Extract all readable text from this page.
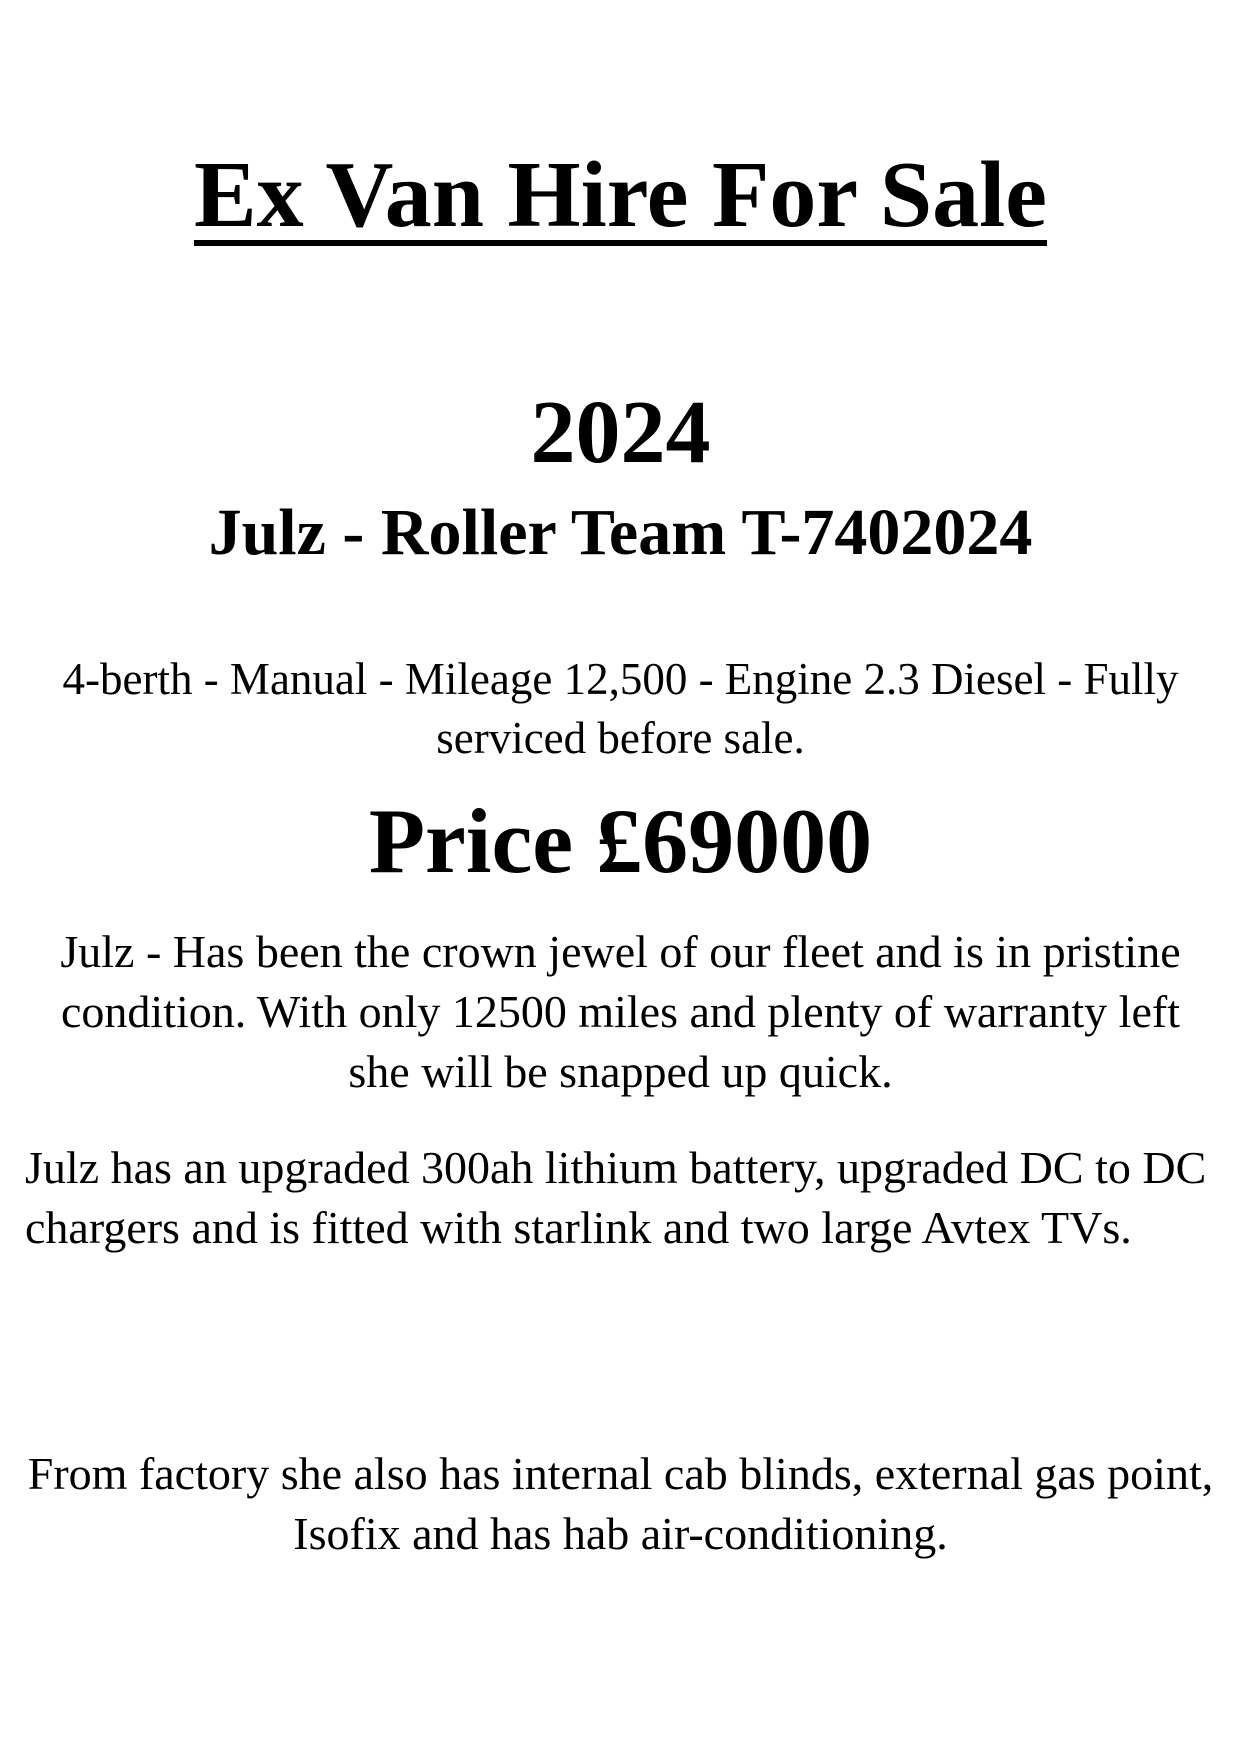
Ex Van Hire For Sale
2024
Julz - Roller Team T-7402024

4-berth - Manual - Mileage 12,500 - Engine 2.3 Diesel - Fully serviced before sale.

Price £69000

Julz - Has been the crown jewel of our fleet and is in pristine condition. With only 12500 miles and plenty of warranty left she will be snapped up quick.

Julz has an upgraded 300ah lithium battery, upgraded DC to DC chargers and is fitted with starlink and two large Avtex TVs.

From factory she also has internal cab blinds, external gas point, Isofix and has hab air-conditioning.
